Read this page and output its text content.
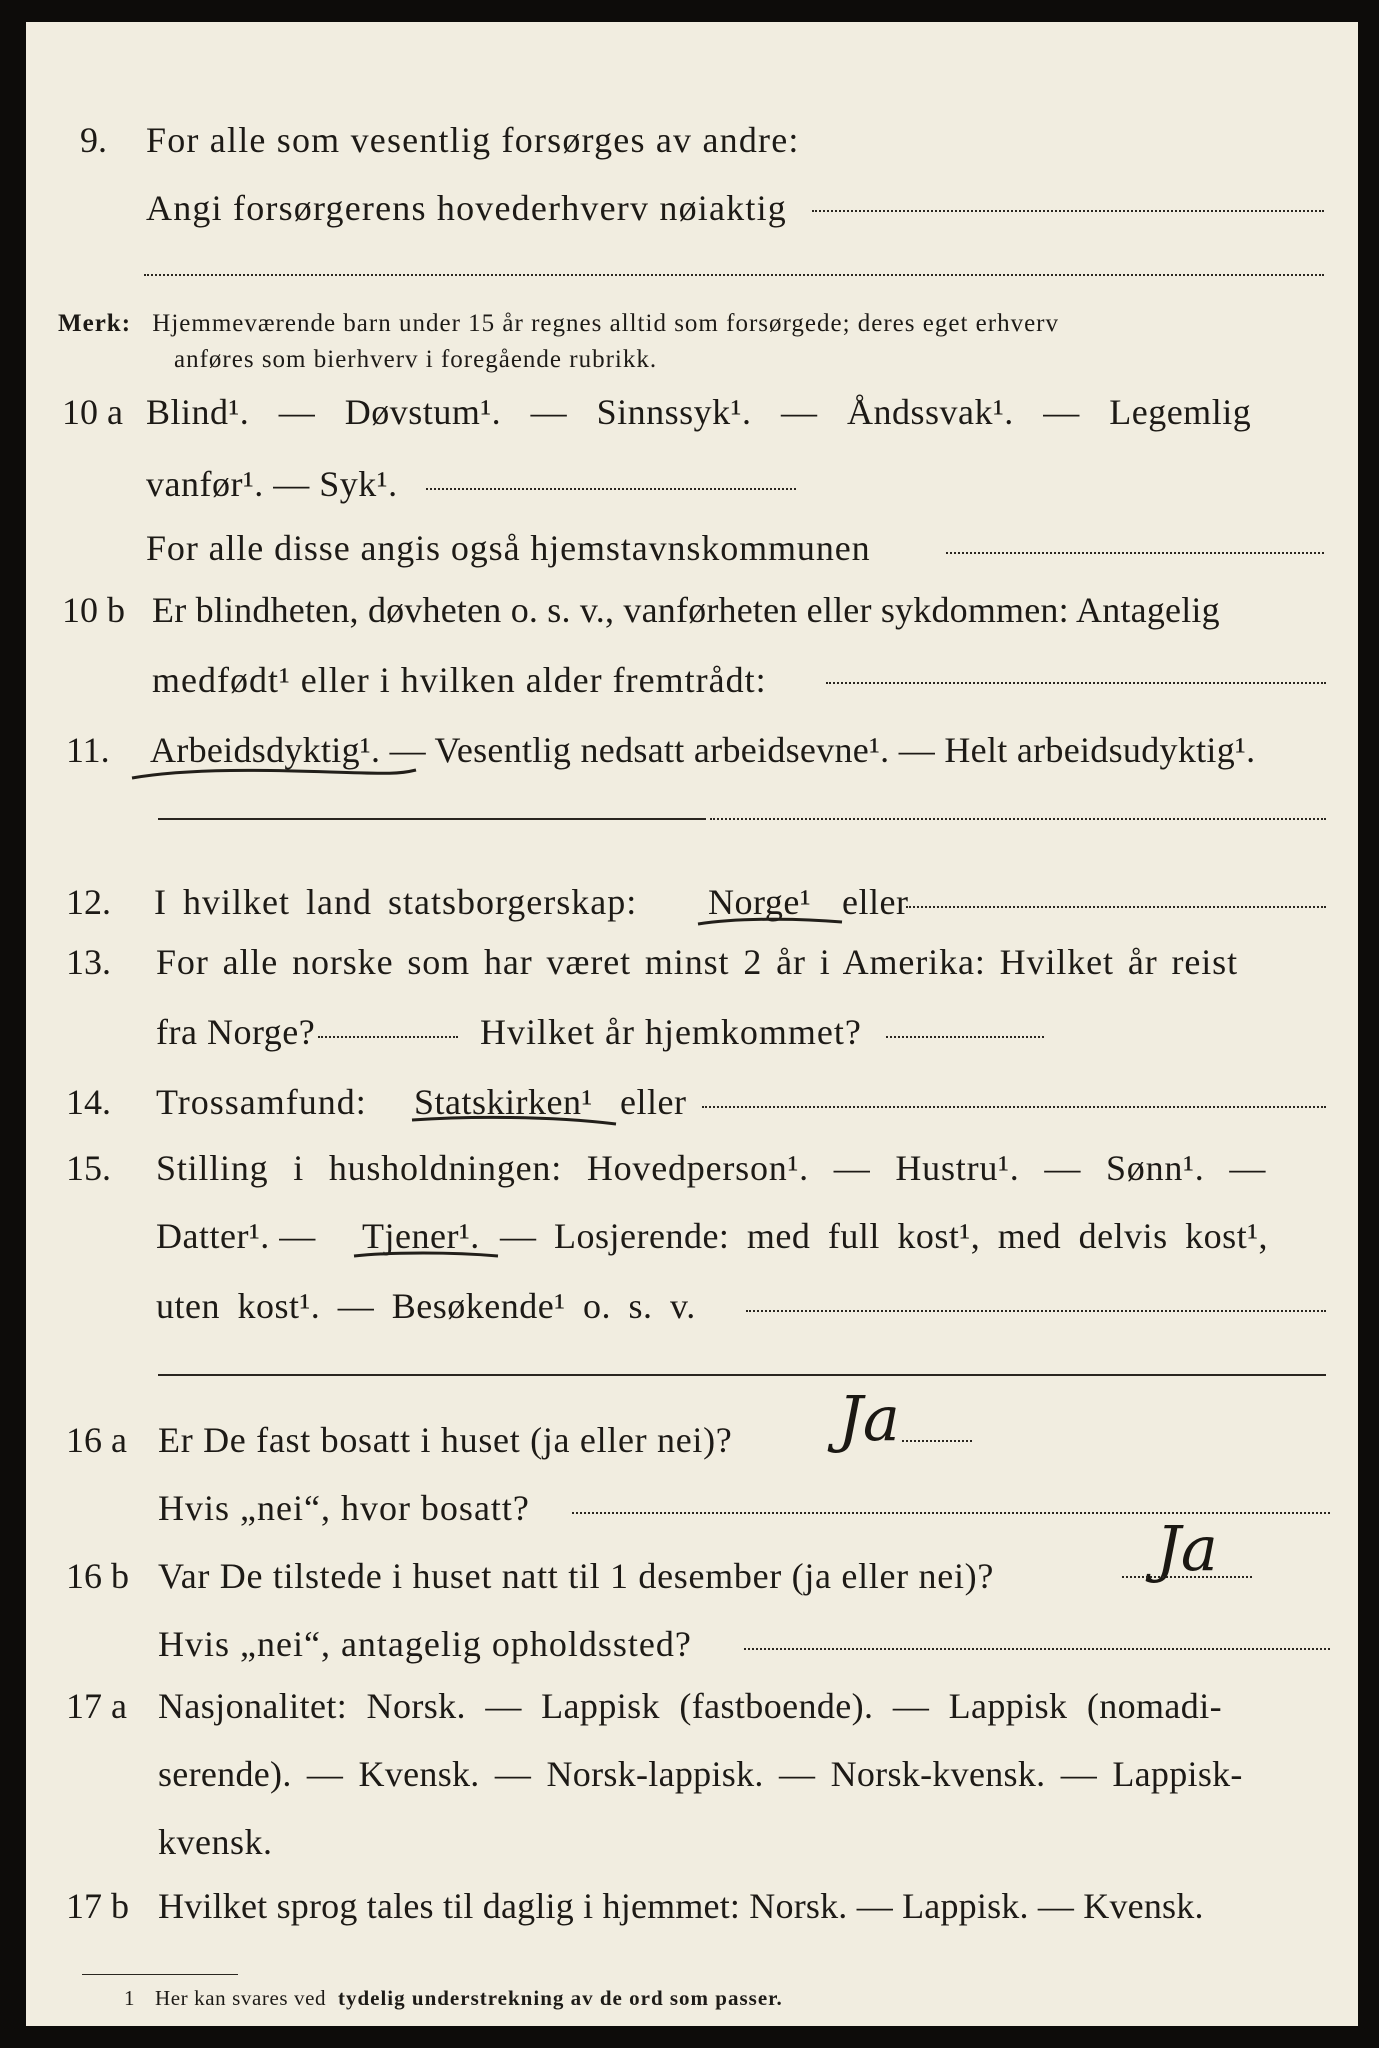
9. For alle som vesentlig forsørges av andre:
Angi forsørgerens hovederhverv nøiaktig
Merk: Hjemmeværende barn under 15 år regnes alltid som forsørgede; deres eget erhverv
anføres som bierhverv i foregående rubrikk.
10 a Blind¹. — Døvstum¹. — Sinnssyk¹. — Åndssvak¹. — Legemlig
vanfør¹. — Syk¹.
For alle disse angis også hjemstavnskommunen
10 b Er blindheten, døvheten o. s. v., vanførheten eller sykdommen: Antagelig
medfødt¹ eller i hvilken alder fremtrådt:
11. Arbeidsdyktig¹. — Vesentlig nedsatt arbeidsevne¹. — Helt arbeidsudyktig¹.
12. I hvilket land statsborgerskap: Norge¹ eller
13. For alle norske som har været minst 2 år i Amerika: Hvilket år reist
fra Norge?	Hvilket år hjemkommet?
14. Trossamfund: Statskirken¹ eller
15. Stilling i husholdningen: Hovedperson¹. — Hustru¹. — Sønn¹. —
Datter¹. — Tjener¹. — Losjerende: med full kost¹, med delvis kost¹,
uten kost¹. — Besøkende¹ o. s. v.
16 a Er De fast bosatt i huset (ja eller nei)? Ja
Hvis „nei“, hvor bosatt?
16 b Var De tilstede i huset natt til 1 desember (ja eller nei)?	Ja
Hvis „nei“, antagelig opholdssted?
17 a Nasjonalitet: Norsk. — Lappisk (fastboende). — Lappisk (nomadi-
serende). — Kvensk. — Norsk-lappisk. — Norsk-kvensk. — Lappisk-
kvensk.
17 b Hvilket sprog tales til daglig i hjemmet: Norsk. — Lappisk. — Kvensk.
1 Her kan svares ved tydelig understrekning av de ord som passer.
